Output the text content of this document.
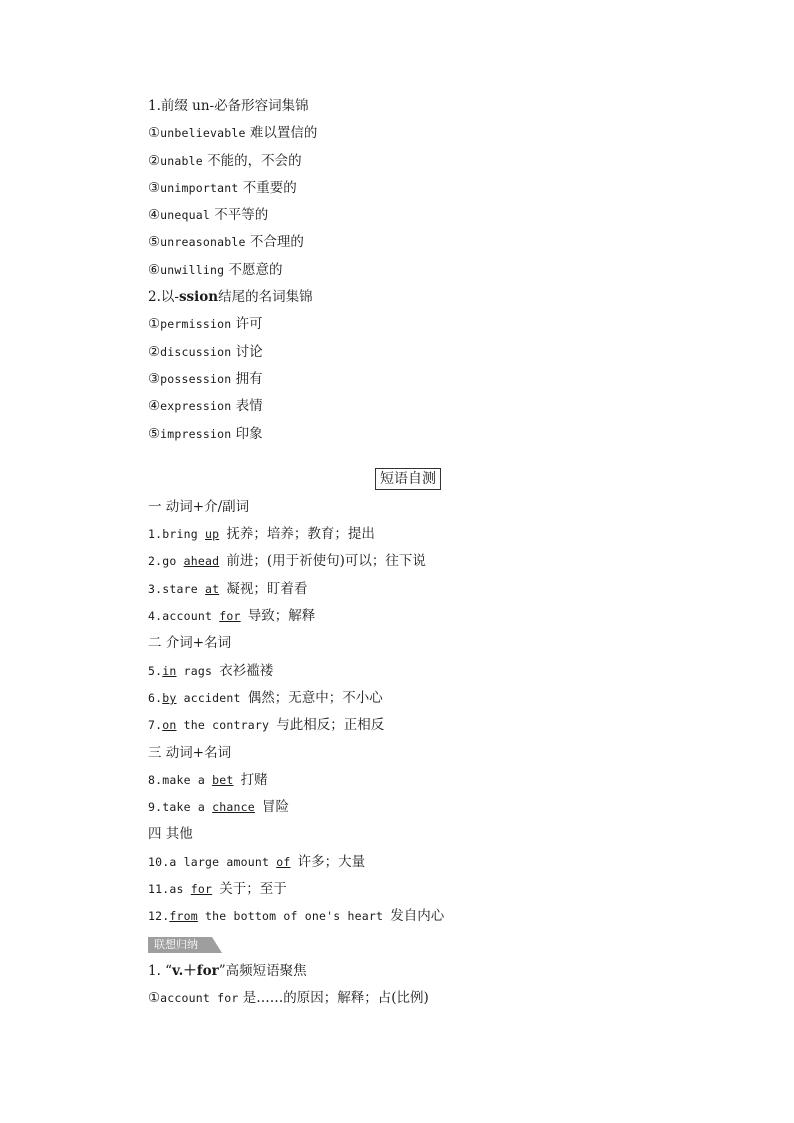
1.前缀 un-必备形容词集锦
①unbelievable 难以置信的
②unable 不能的，不会的
③unimportant 不重要的
④unequal 不平等的
⑤unreasonable 不合理的
⑥unwilling 不愿意的
2.以-ssion结尾的名词集锦
①permission 许可
②discussion 讨论
③possession 拥有
④expression 表情
⑤impression 印象
短语自测
一 动词+介/副词
1.bring up 抚养；培养；教育；提出
2.go ahead 前进；(用于祈使句)可以；往下说
3.stare at 凝视；盯着看
4.account for 导致；解释
二 介词+名词
5.in rags 衣衫褴褛
6.by accident 偶然；无意中；不小心
7.on the contrary 与此相反；正相反
三 动词+名词
8.make a bet 打赌
9.take a chance 冒险
四 其他
10.a large amount of 许多；大量
11.as for 关于；至于
12.from the bottom of one's heart 发自内心
联想归纳
1. “v.＋for”高频短语聚焦
①account for 是……的原因；解释；占(比例)
